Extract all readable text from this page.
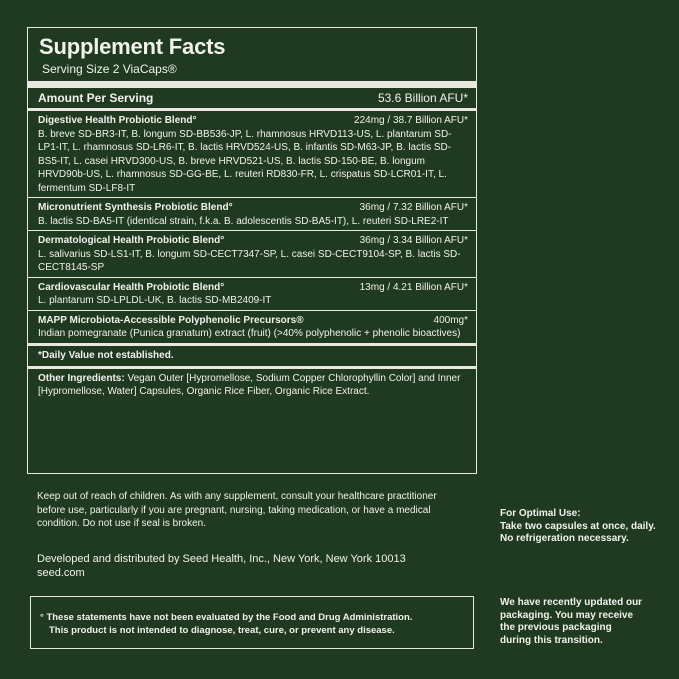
Supplement Facts
Serving Size 2 ViaCaps®
Amount Per Serving	53.6 Billion AFU*
Digestive Health Probiotic Blend°	224mg / 38.7 Billion AFU*
B. breve SD-BR3-IT, B. longum SD-BB536-JP, L. rhamnosus HRVD113-US, L. plantarum SD-LP1-IT, L. rhamnosus SD-LR6-IT, B. lactis HRVD524-US, B. infantis SD-M63-JP, B. lactis SD-BS5-IT, L. casei HRVD300-US, B. breve HRVD521-US, B. lactis SD-150-BE, B. longum HRVD90b-US, L. rhamnosus SD-GG-BE, L. reuteri RD830-FR, L. crispatus SD-LCR01-IT, L. fermentum SD-LF8-IT
Micronutrient Synthesis Probiotic Blend°	36mg / 7.32 Billion AFU*
B. lactis SD-BA5-IT (identical strain, f.k.a. B. adolescentis SD-BA5-IT), L. reuteri SD-LRE2-IT
Dermatological Health Probiotic Blend°	36mg / 3.34 Billion AFU*
L. salivarius SD-LS1-IT, B. longum SD-CECT7347-SP, L. casei SD-CECT9104-SP, B. lactis SD-CECT8145-SP
Cardiovascular Health Probiotic Blend°	13mg / 4.21 Billion AFU*
L. plantarum SD-LPLDL-UK, B. lactis SD-MB2409-IT
MAPP Microbiota-Accessible Polyphenolic Precursors®	400mg*
Indian pomegranate (Punica granatum) extract (fruit) (>40% polyphenolic + phenolic bioactives)
*Daily Value not established.
Other Ingredients: Vegan Outer [Hypromellose, Sodium Copper Chlorophyllin Color] and Inner [Hypromellose, Water] Capsules, Organic Rice Fiber, Organic Rice Extract.
Keep out of reach of children. As with any supplement, consult your healthcare practitioner before use, particularly if you are pregnant, nursing, taking medication, or have a medical condition. Do not use if seal is broken.
Developed and distributed by Seed Health, Inc., New York, New York 10013
seed.com
° These statements have not been evaluated by the Food and Drug Administration.
This product is not intended to diagnose, treat, cure, or prevent any disease.
For Optimal Use:
Take two capsules at once, daily.
No refrigeration necessary.
We have recently updated our
packaging. You may receive
the previous packaging
during this transition.
